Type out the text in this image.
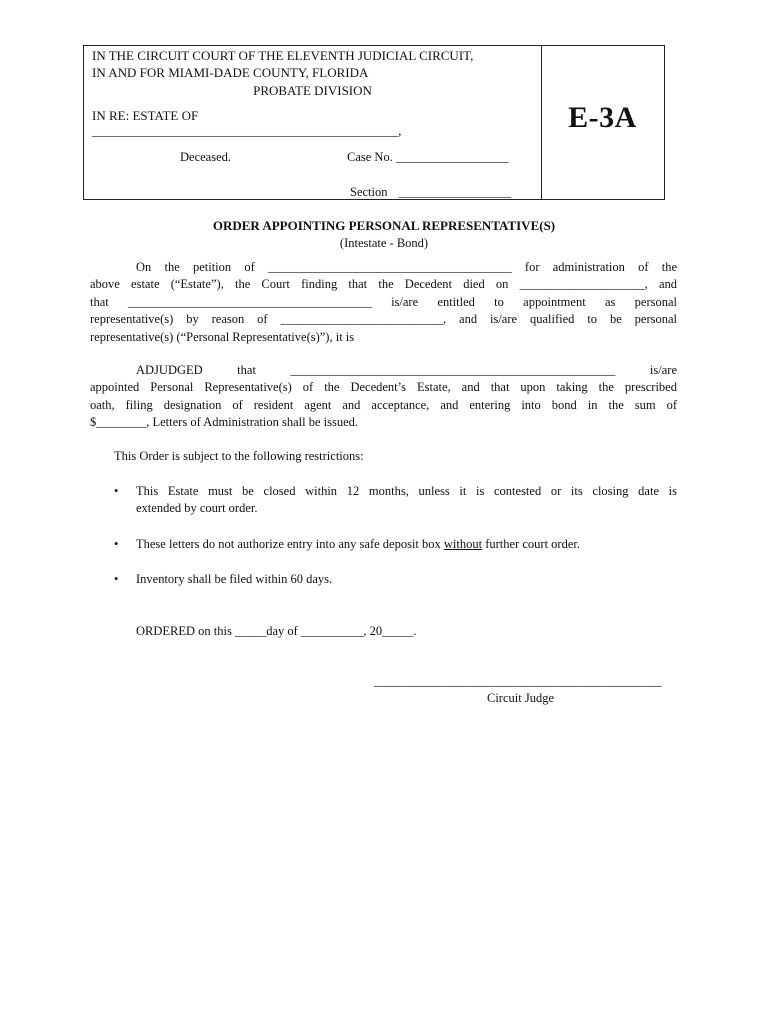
IN THE CIRCUIT COURT OF THE ELEVENTH JUDICIAL CIRCUIT,
IN AND FOR MIAMI-DADE COUNTY, FLORIDA
PROBATE DIVISION
IN RE: ESTATE OF
_________________________________________________,
Deceased.	Case No. __________________
Section __________________
E-3A
ORDER APPOINTING PERSONAL REPRESENTATIVE(S)
(Intestate - Bond)
On the petition of _______________________________________ for administration of the
above estate (“Estate”), the Court finding that the Decedent died on ____________________, and
that _______________________________________ is/are entitled to appointment as personal
representative(s) by reason of __________________________, and is/are qualified to be personal
representative(s) (“Personal Representative(s)”), it is
ADJUDGED	that	____________________________________________________	is/are
appointed Personal Representative(s) of the Decedent’s Estate, and that upon taking the prescribed
oath, filing designation of resident agent and acceptance, and entering into bond in the sum of
$________, Letters of Administration shall be issued.
This Order is subject to the following restrictions:
• This Estate must be closed within 12 months, unless it is contested or its closing date is
extended by court order.
• These letters do not authorize entry into any safe deposit box without further court order.
• Inventory shall be filed within 60 days.
ORDERED on this _____day of __________, 20_____.
______________________________________________
Circuit Judge
